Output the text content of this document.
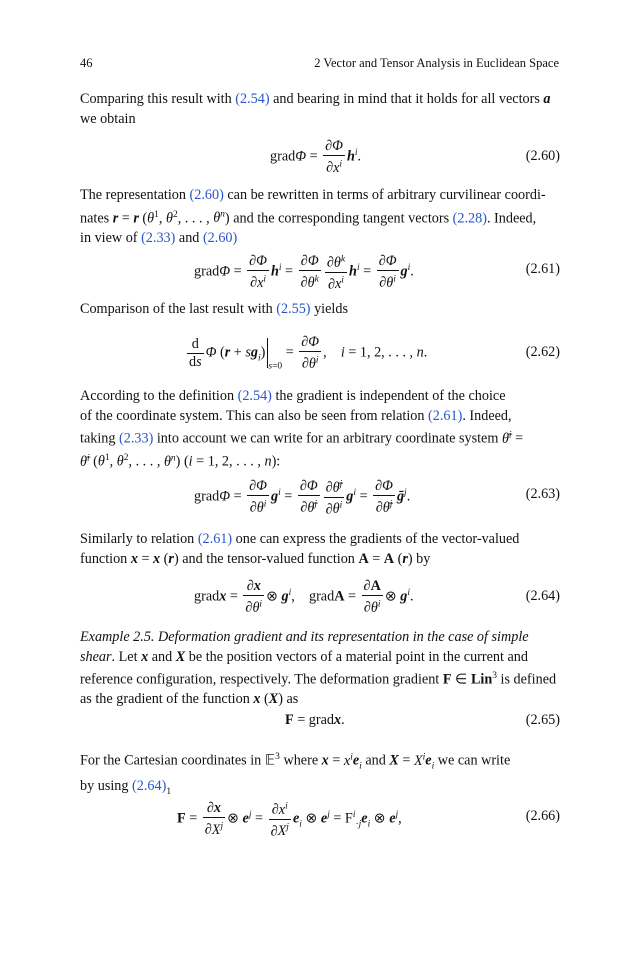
46	2 Vector and Tensor Analysis in Euclidean Space
Comparing this result with (2.54) and bearing in mind that it holds for all vectors a
we obtain
gradΦ = $\frac{\partial\Phi}{\partial x^i} h^i$.	(2.60)
The representation (2.60) can be rewritten in terms of arbitrary curvilinear coordi-
nates r = r ($\theta^1$, $\theta^2$, . . . , $\theta^n$) and the corresponding tangent vectors (2.28). Indeed,
in view of (2.33) and (2.60)
gradΦ = $\frac{\partial\Phi}{\partial x^i} h^i = \frac{\partial\Phi}{\partial\theta^k} \frac{\partial\theta^k}{\partial x^i} h^i = \frac{\partial\Phi}{\partial\theta^i} g^i$.	(2.61)
Comparison of the last result with (2.55) yields
$\frac{d}{ds}$ Φ $(r + sg_i)_{s=0} = \frac{\partial\Phi}{\partial\theta^i}$ ,    i = 1, 2, . . . , n.	(2.62)
According to the definition (2.54) the gradient is independent of the choice
of the coordinate system. This can also be seen from relation (2.61). Indeed,
taking (2.33) into account we can write for an arbitrary coordinate system θ̄$^i$ =
θ̄$^i$ ($\theta^1$, $\theta^2$, . . . , $\theta^n$) (i = 1, 2, . . . , n):
gradΦ = $\frac{\partial\Phi}{\partial\theta^i} g^i = \frac{\partial\Phi}{\partial\thetā^j} \frac{\partial\thetā^j}{\partial\theta^i} g^i = \frac{\partial\Phi}{\partial\thetā^j}$ ḡ$^j$.	(2.63)
Similarly to relation (2.61) one can express the gradients of the vector-valued
function x = x (r) and the tensor-valued function A = A (r) by
gradx = $\frac{\partial x}{\partial\theta^i}$ ⊗ $g^i$,    gradA = $\frac{\partial A}{\partial\theta^i}$ ⊗ $g^i$.	(2.64)
Example 2.5. Deformation gradient and its representation in the case of simple
shear. Let x and X be the position vectors of a material point in the current and
reference configuration, respectively. The deformation gradient F ∈ Lin$^3$ is defined
as the gradient of the function x (X) as
F = gradx.	(2.65)
For the Cartesian coordinates in 𝔼$^3$ where $x = x^ie_i$ and $X = X^ie_i$ we can write
by using $(2.64)_1$
$F = \frac{\partial x}{\partial X^j}$ ⊗ $e^j = \frac{\partial x^i}{\partial X^j} e_i$ ⊗ $e^j = F^i_{\cdot j}e_i$ ⊗ $e^j$,	(2.66)
